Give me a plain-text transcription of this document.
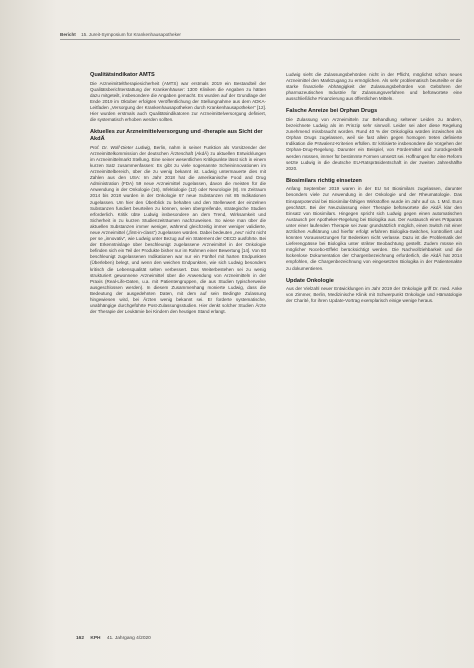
Bericht 15. Jureit-Symposium für Krankenhausapotheker
Qualitätsindikator AMTS

Die Arzneimitteltherapiesicherheit (AMTS) war erstmals 2019 ein Bestandteil der Qualitätsberichterstattung der Krankenhäuser: 1300 Kliniken die Angaben zu hätten dazu mitgeteilt, insbesondere die Angaben gemacht. Es wurden auf der Grundlage der Ende 2019 im Oktober erfolgten Veröffentlichung der Stellungnahme aus dem ADKA-Leitfaden „Versorgung der Krankenhausapotheken durch Krankenhausapotheker“ [12]. Hier wurden erstmals auch Qualitätsindikatoren zur Arzneimittelversorgung definiert, die systematisch erhoben werden sollten.

Aktuelles zur Arzneimittelversorgung und -therapie aus Sicht der AkdÄ

Prof. Dr. Wolf-Dieter Ludwig, Berlin, nahm in seiner Funktion als Vorsitzender der Arzneimittelkommission der deutschen Ärzteschaft (AkdÄ) zu aktuellen Entwicklungen im Arzneimittelmarkt Stellung. Eine seiner wesentlichen Kritikpunkte lässt sich in einem kurzen Satz zusammenfassen: Es gibt zu viele sogenannte Scheininnovationen im Arzneimittelbereich, über die zu wenig bekannt ist. Ludwig untermauerte dies mit Zahlen aus den USA: Im Jahr 2018 hat die amerikanische Food and Drug Administration (FDA) 59 neue Arzneimittel zugelassen, davon die meisten für die Anwendung in der Onkologie (16), Infektiologie (12) oder Neurologie (8). Im Zeitraum 2014 bis 2018 wurden in der Onkologie 67 neue Substanzen mit 85 Indikationen zugelassen. Um hier den Überblick zu behalten und den Stellenwert der einzelnen Substanzen fundiert beurteilen zu können, seien übergreifende, strategische Studien erforderlich. Kritik übte Ludwig insbesondere an dem Trend, Wirksamkeit und Sicherheit in zu kurzen Studienzeiträumen nachzuweisen. So wiese man über die aktuellen Substanzen immer weniger, während gleichzeitig immer weniger validierte, neue Arzneimittel („first-in-class“) zugelassen würden. Dabei bedeuten „neu“ nicht nicht per se „innovativ“, wie Ludwig unter Bezug auf ein Statement der OECD ausführte. Bei der Erkenntnislage über beschleunigt zugelassene Arzneimittel in der Onkologie befinden sich ein Teil der Produkte bisher nur im Rahmen einer Bewertung [14]. Von 93 beschleunigt zugelassenen Indikationen war nur ein Fünftel mit harten Endpunkten (Überleben) belegt, und wenn den weichen Endpunkten, wie sich Ludwig besonders kritisch die Lebensqualität selten verbessert. Das Weiterbestehen sei zu wenig strukturiert gewonnene Arzneimittel über die Anwendung von Arzneimitteln in der Praxis (Real-Life-Daten, u.a. mit Patientengruppen, die aus Studien typischerweise ausgeschlossen werden). In diesem Zusammenhang monierte Ludwig, dass die Bedeutung der ausgedehnten Daten, mit dem auf sein Bedingte Zulassung hingewiesen wird, bei Ärzten wenig bekannt sei. Er forderte systematische, unabhängige durchgeführte Post-Zulassungsstudien. Hier denkt solcher Studien Ärzte der Therapie der Leukämie bei Kindern den heutigen Stand erlangt.

Ludwig sieht die Zulassungsbehörden nicht in der Pflicht, möglichst schon neues Arzneimittel den Marktzugang zu ermöglichen. Als sehr problematisch beurteilte er die starke finanzielle Abhängigkeit der Zulassungsbehörden von Gebühren der pharmazeutischen Industrie für Zulassungsverfahren und befürwortete eine ausschließliche Finanzierung aus öffentlichen Mitteln.

Falsche Anreize bei Orphan Drugs

Die Zulassung von Arzneimitteln zur Behandlung seltener Leiden zu ändern, bezeichnete Ludwig als im Prinzip sehr sinnvoll. Leider sei aber diese Regelung zunehmend missbraucht worden. Rund 40 % der Onkologika würden inzwischen als Orphan Drugs zugelassen, weil sie fast allein gegen homogen treten definierte Indikation die Prävalenz-Kriterien erfüllen. Er kritisierte insbesondere die Vorgehen der Orphan-Drug-Regelung. Darunter ein Beispiel, von Fördermittel und zurückgestellt werden müssen, immer für bestimmte Formen umsetzt sei. Hoffnungen für eine Reform setzte Ludwig in die deutsche EU-Ratspräsidentschaft in der zweiten Jahreshälfte 2020.

Biosimilars richtig einsetzen

Anfang September 2019 waren in der EU 54 Biosimilars zugelassen, darunter besonders viele zur Anwendung in der Onkologie und der Rheumatologie. Das Einsparpotenzial bei Biosimilar-fähigen Wirkstoffen wurde im Jahr auf ca. 1 Mrd. Euro geschätzt. Bei der Neuzulassung einer Therapie befürwortete die AkdÄ klar den Einsatz von Biosimilars. Hingegen spricht sich Ludwig gegen einen automatischen Austausch per Apotheker-Regelung bei Biologika aus. Der Austausch eines Präparats unter einer laufenden Therapie sei zwar grundsätzlich möglich, einen Switch mit einer ärztlichen Aufklärung und hierfür erfolgt erfahren Biologika-Switches, kontrolliert und könnten Voraussetzungen für Bedenken nicht verlasse. Dazu ist die Problematik der Lieferengpässe bei Biologika unter strikter Beobachtung gestellt. Zudem müsse ein möglicher Nocebo-Effekt berücksichtigt werden. Die Nachvollziehbarkeit und die lückenlose Dokumentation der Chargenbezeichnung erforderlich, die AkdÄ hat 2014 empfohlen, die Chargenbezeichnung von eingesetzten Biologika in der Patientenakte zu dokumentieren.

Update Onkologie

Aus der Vielzahl neuer Entwicklungen im Jahr 2019 der Onkologie griff Dr. med. Anke von Zimmer, Berlin, Medizinische Klinik mit Schwerpunkt Onkologie und Hämatologie der Charité, für ihren Update-Vortrag exemplarisch einige wenige heraus.

162 KPH 41. Jahrgang 4/2020
